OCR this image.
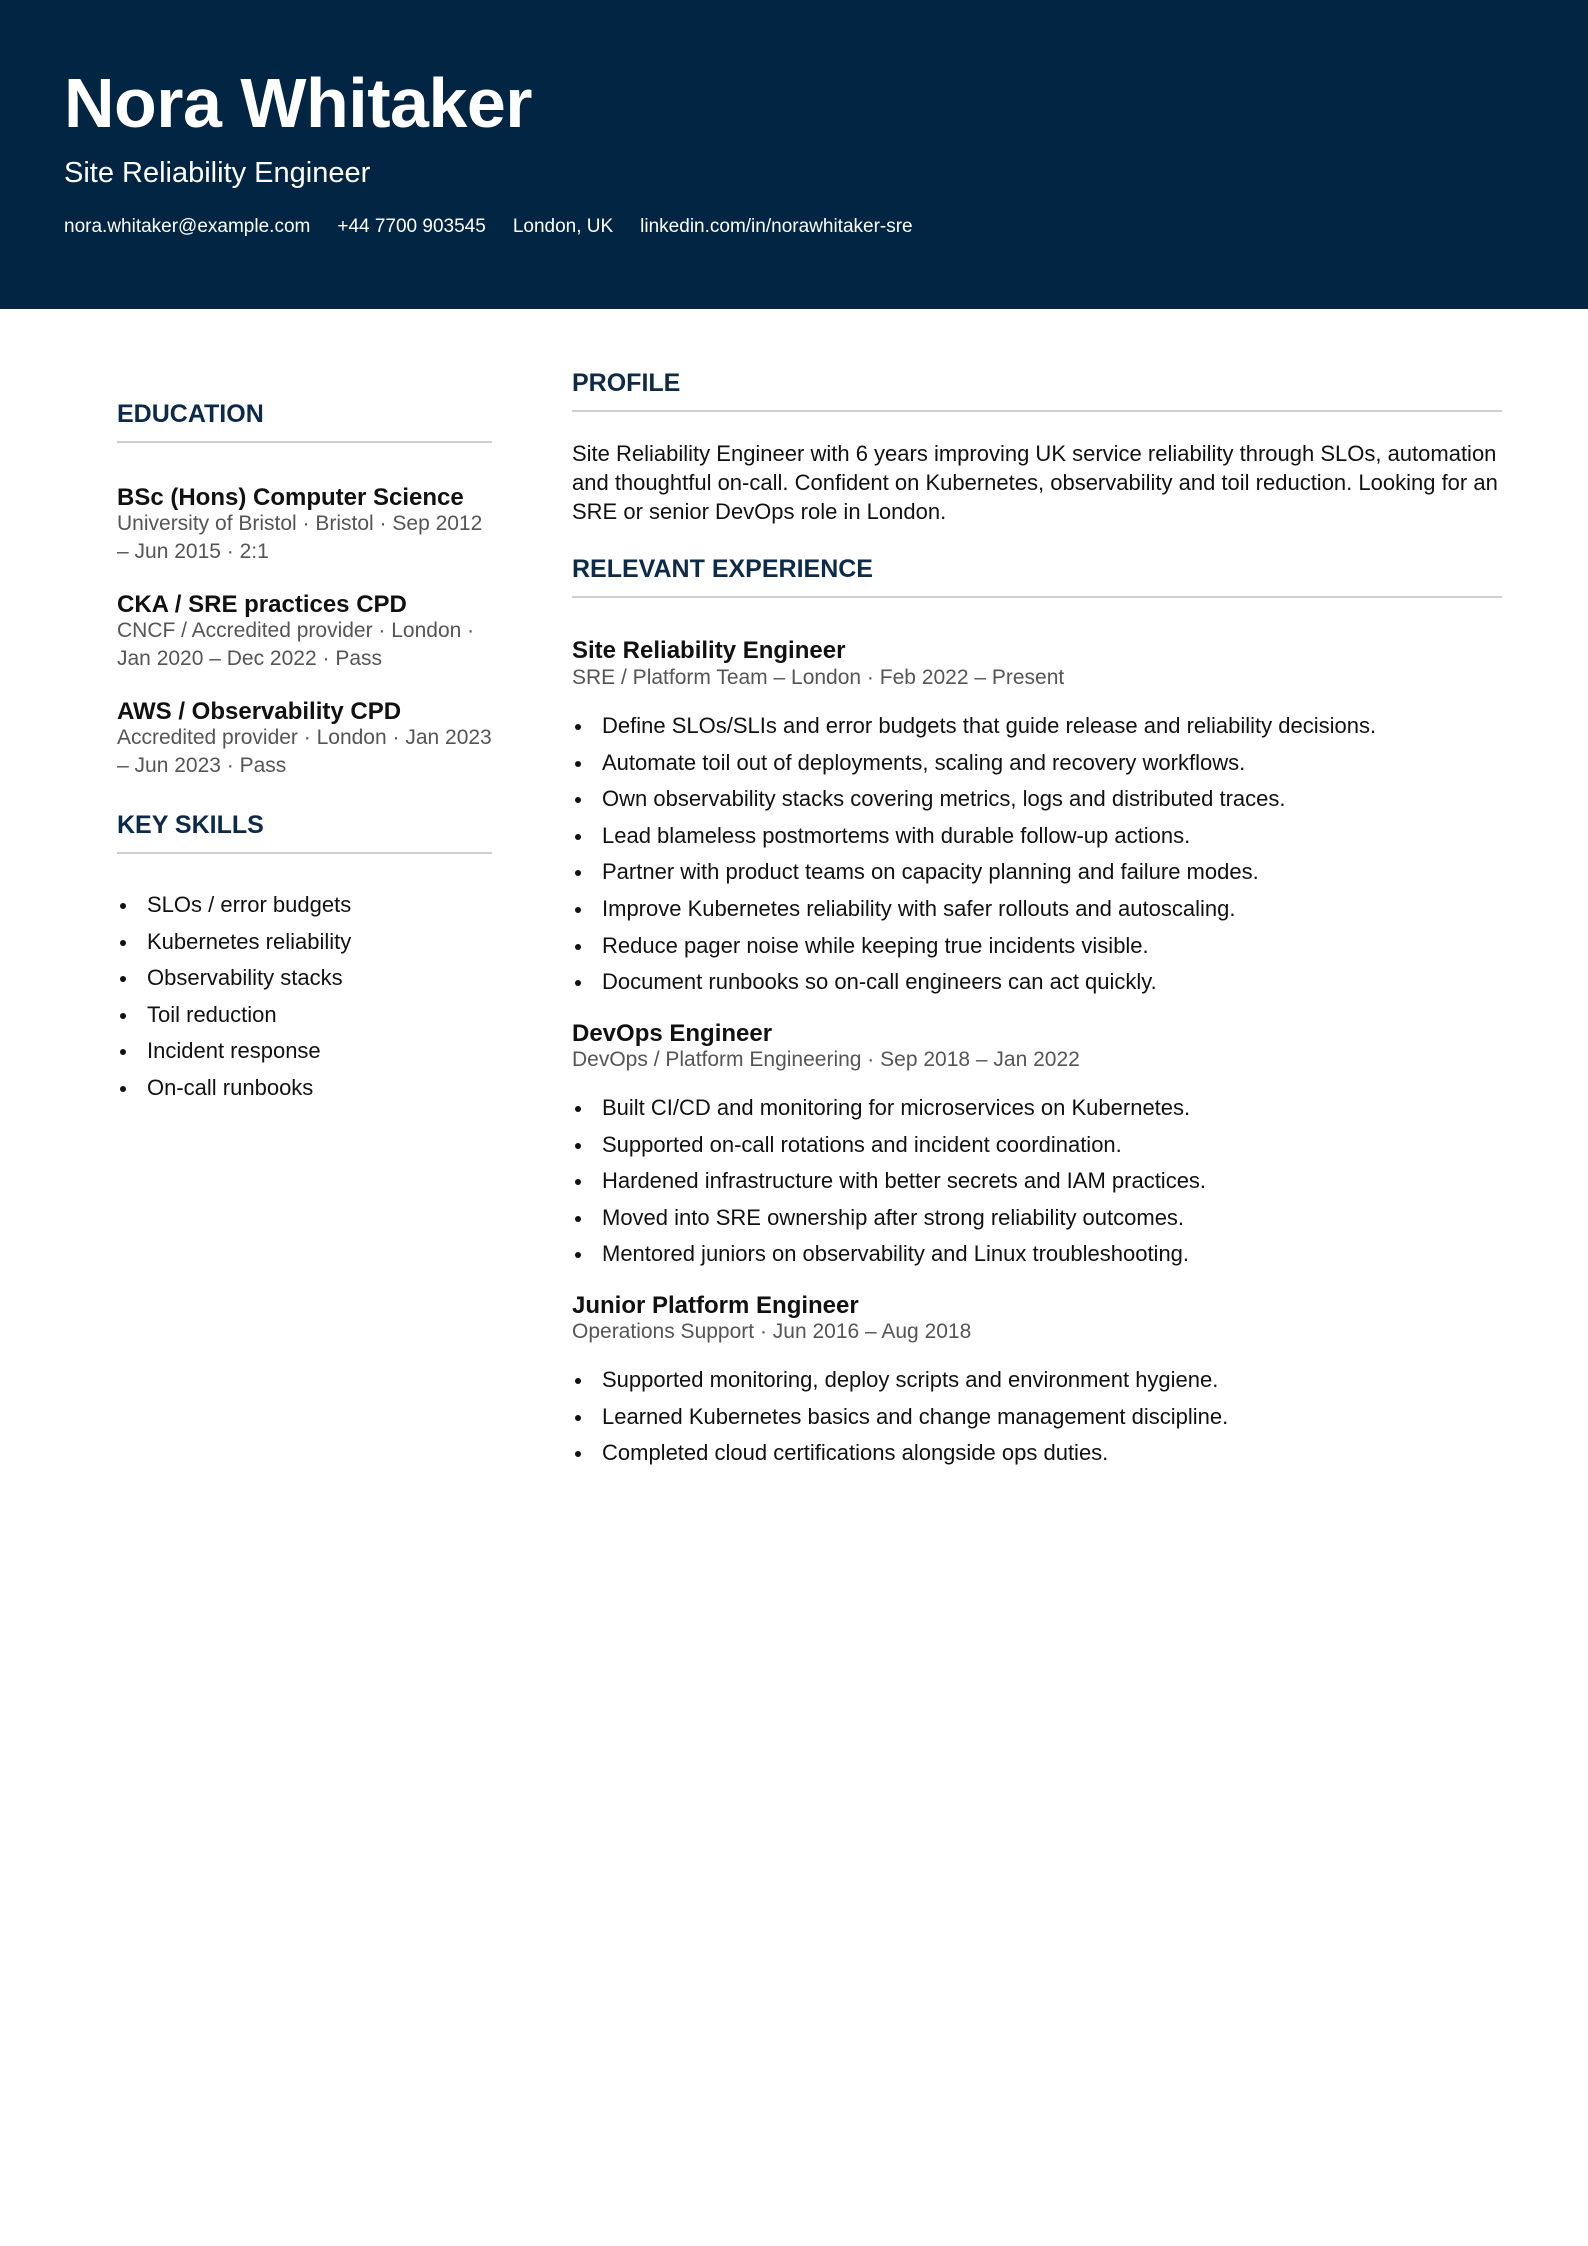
Nora Whitaker
Site Reliability Engineer
nora.whitaker@example.com +44 7700 903545 London, UK linkedin.com/in/norawhitaker-sre
EDUCATION
BSc (Hons) Computer Science
University of Bristol · Bristol · Sep 2012 – Jun 2015 · 2:1
CKA / SRE practices CPD
CNCF / Accredited provider · London · Jan 2020 – Dec 2022 · Pass
AWS / Observability CPD
Accredited provider · London · Jan 2023 – Jun 2023 · Pass
KEY SKILLS
SLOs / error budgets
Kubernetes reliability
Observability stacks
Toil reduction
Incident response
On-call runbooks
PROFILE
Site Reliability Engineer with 6 years improving UK service reliability through SLOs, automation and thoughtful on-call. Confident on Kubernetes, observability and toil reduction. Looking for an SRE or senior DevOps role in London.
RELEVANT EXPERIENCE
Site Reliability Engineer
SRE / Platform Team – London · Feb 2022 – Present
Define SLOs/SLIs and error budgets that guide release and reliability decisions.
Automate toil out of deployments, scaling and recovery workflows.
Own observability stacks covering metrics, logs and distributed traces.
Lead blameless postmortems with durable follow-up actions.
Partner with product teams on capacity planning and failure modes.
Improve Kubernetes reliability with safer rollouts and autoscaling.
Reduce pager noise while keeping true incidents visible.
Document runbooks so on-call engineers can act quickly.
DevOps Engineer
DevOps / Platform Engineering · Sep 2018 – Jan 2022
Built CI/CD and monitoring for microservices on Kubernetes.
Supported on-call rotations and incident coordination.
Hardened infrastructure with better secrets and IAM practices.
Moved into SRE ownership after strong reliability outcomes.
Mentored juniors on observability and Linux troubleshooting.
Junior Platform Engineer
Operations Support · Jun 2016 – Aug 2018
Supported monitoring, deploy scripts and environment hygiene.
Learned Kubernetes basics and change management discipline.
Completed cloud certifications alongside ops duties.
